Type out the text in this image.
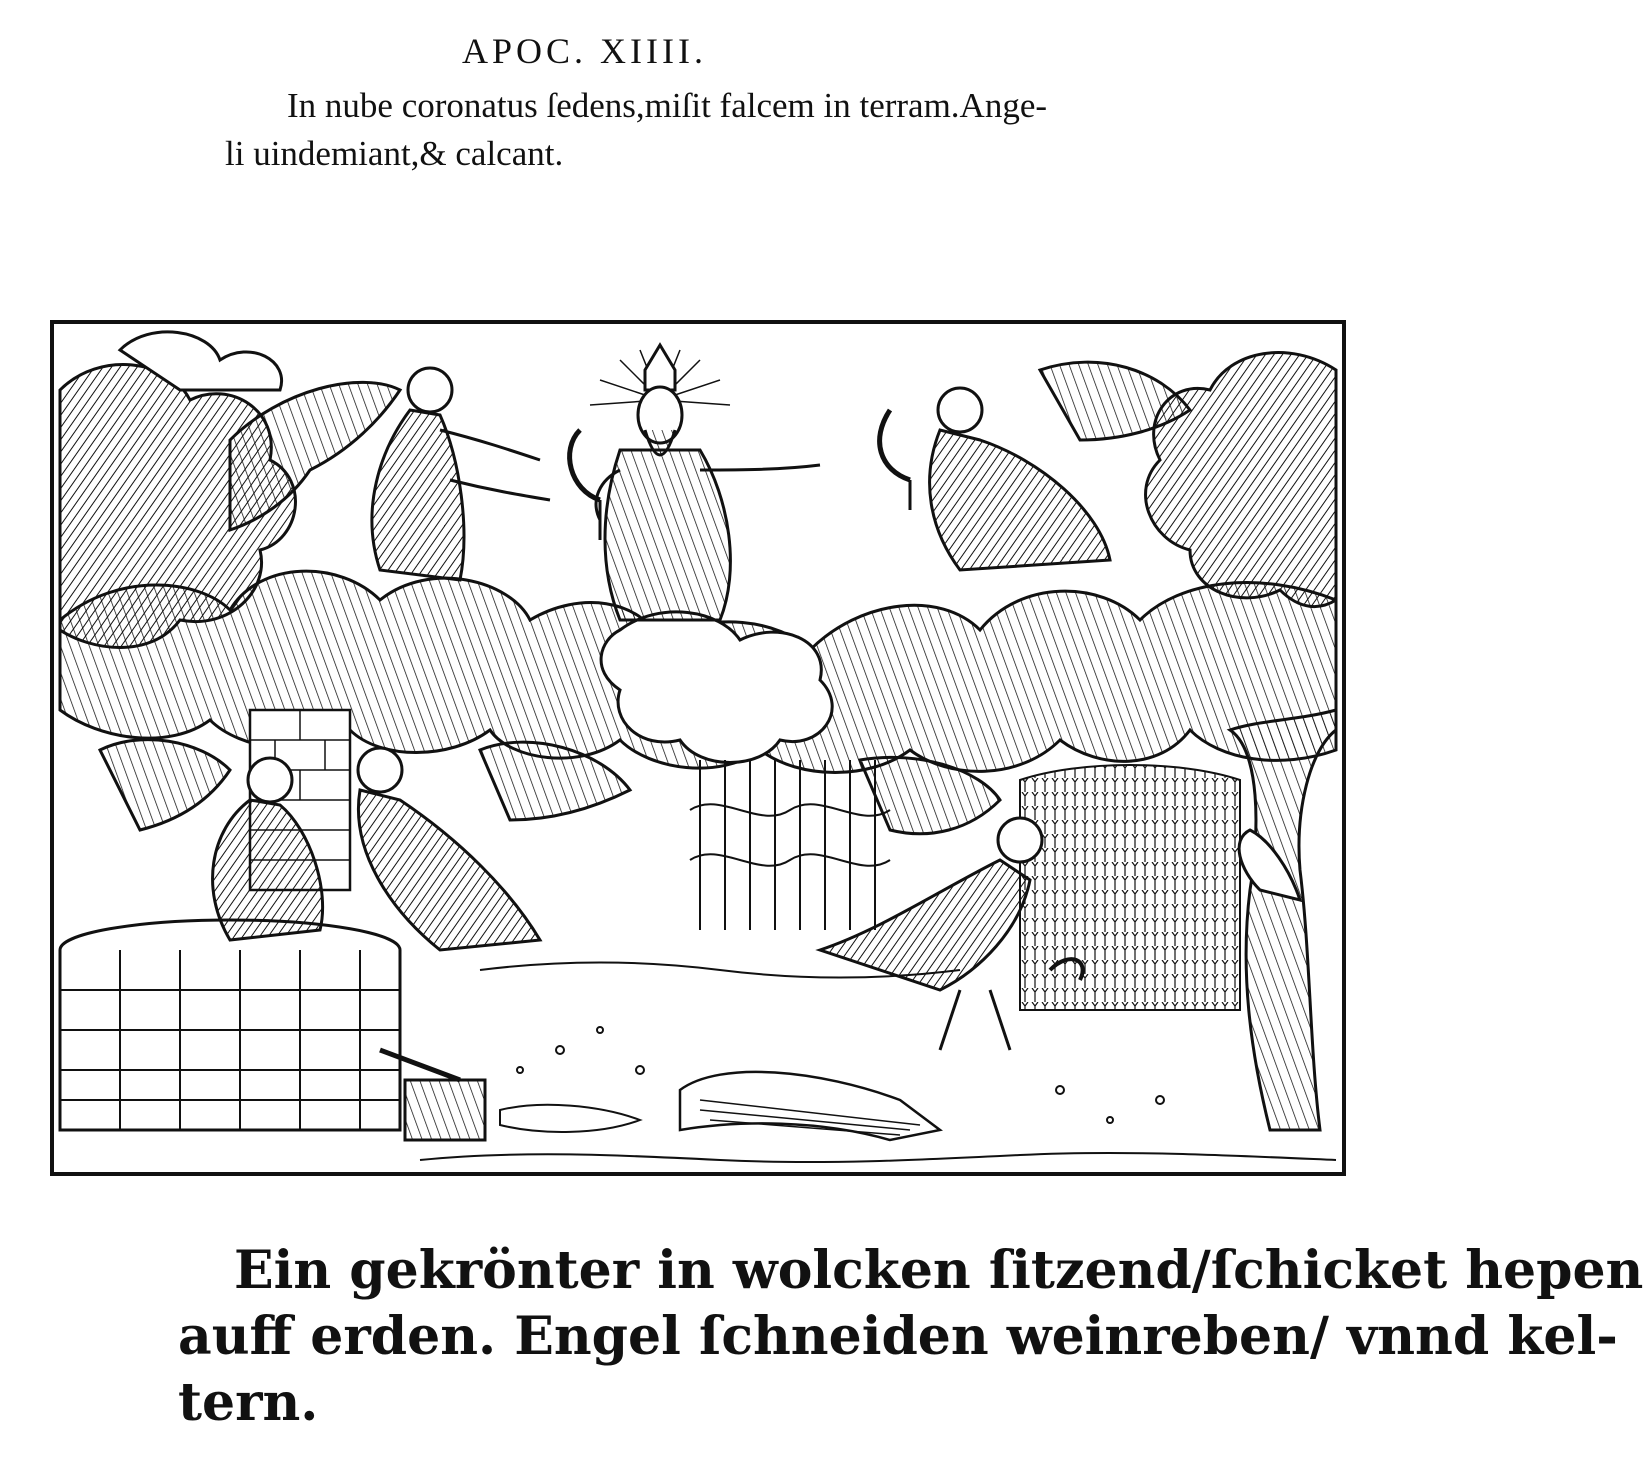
APOC. XIIII.
In nube coronatus ſedens,miſit falcem in terram.Ange-
li uindemiant,& calcant.
Ein gekrönter in wolcken ſitzend/ſchicket hepen
auff erden. Engel ſchneiden weinreben/ vnnd kel-
tern.
